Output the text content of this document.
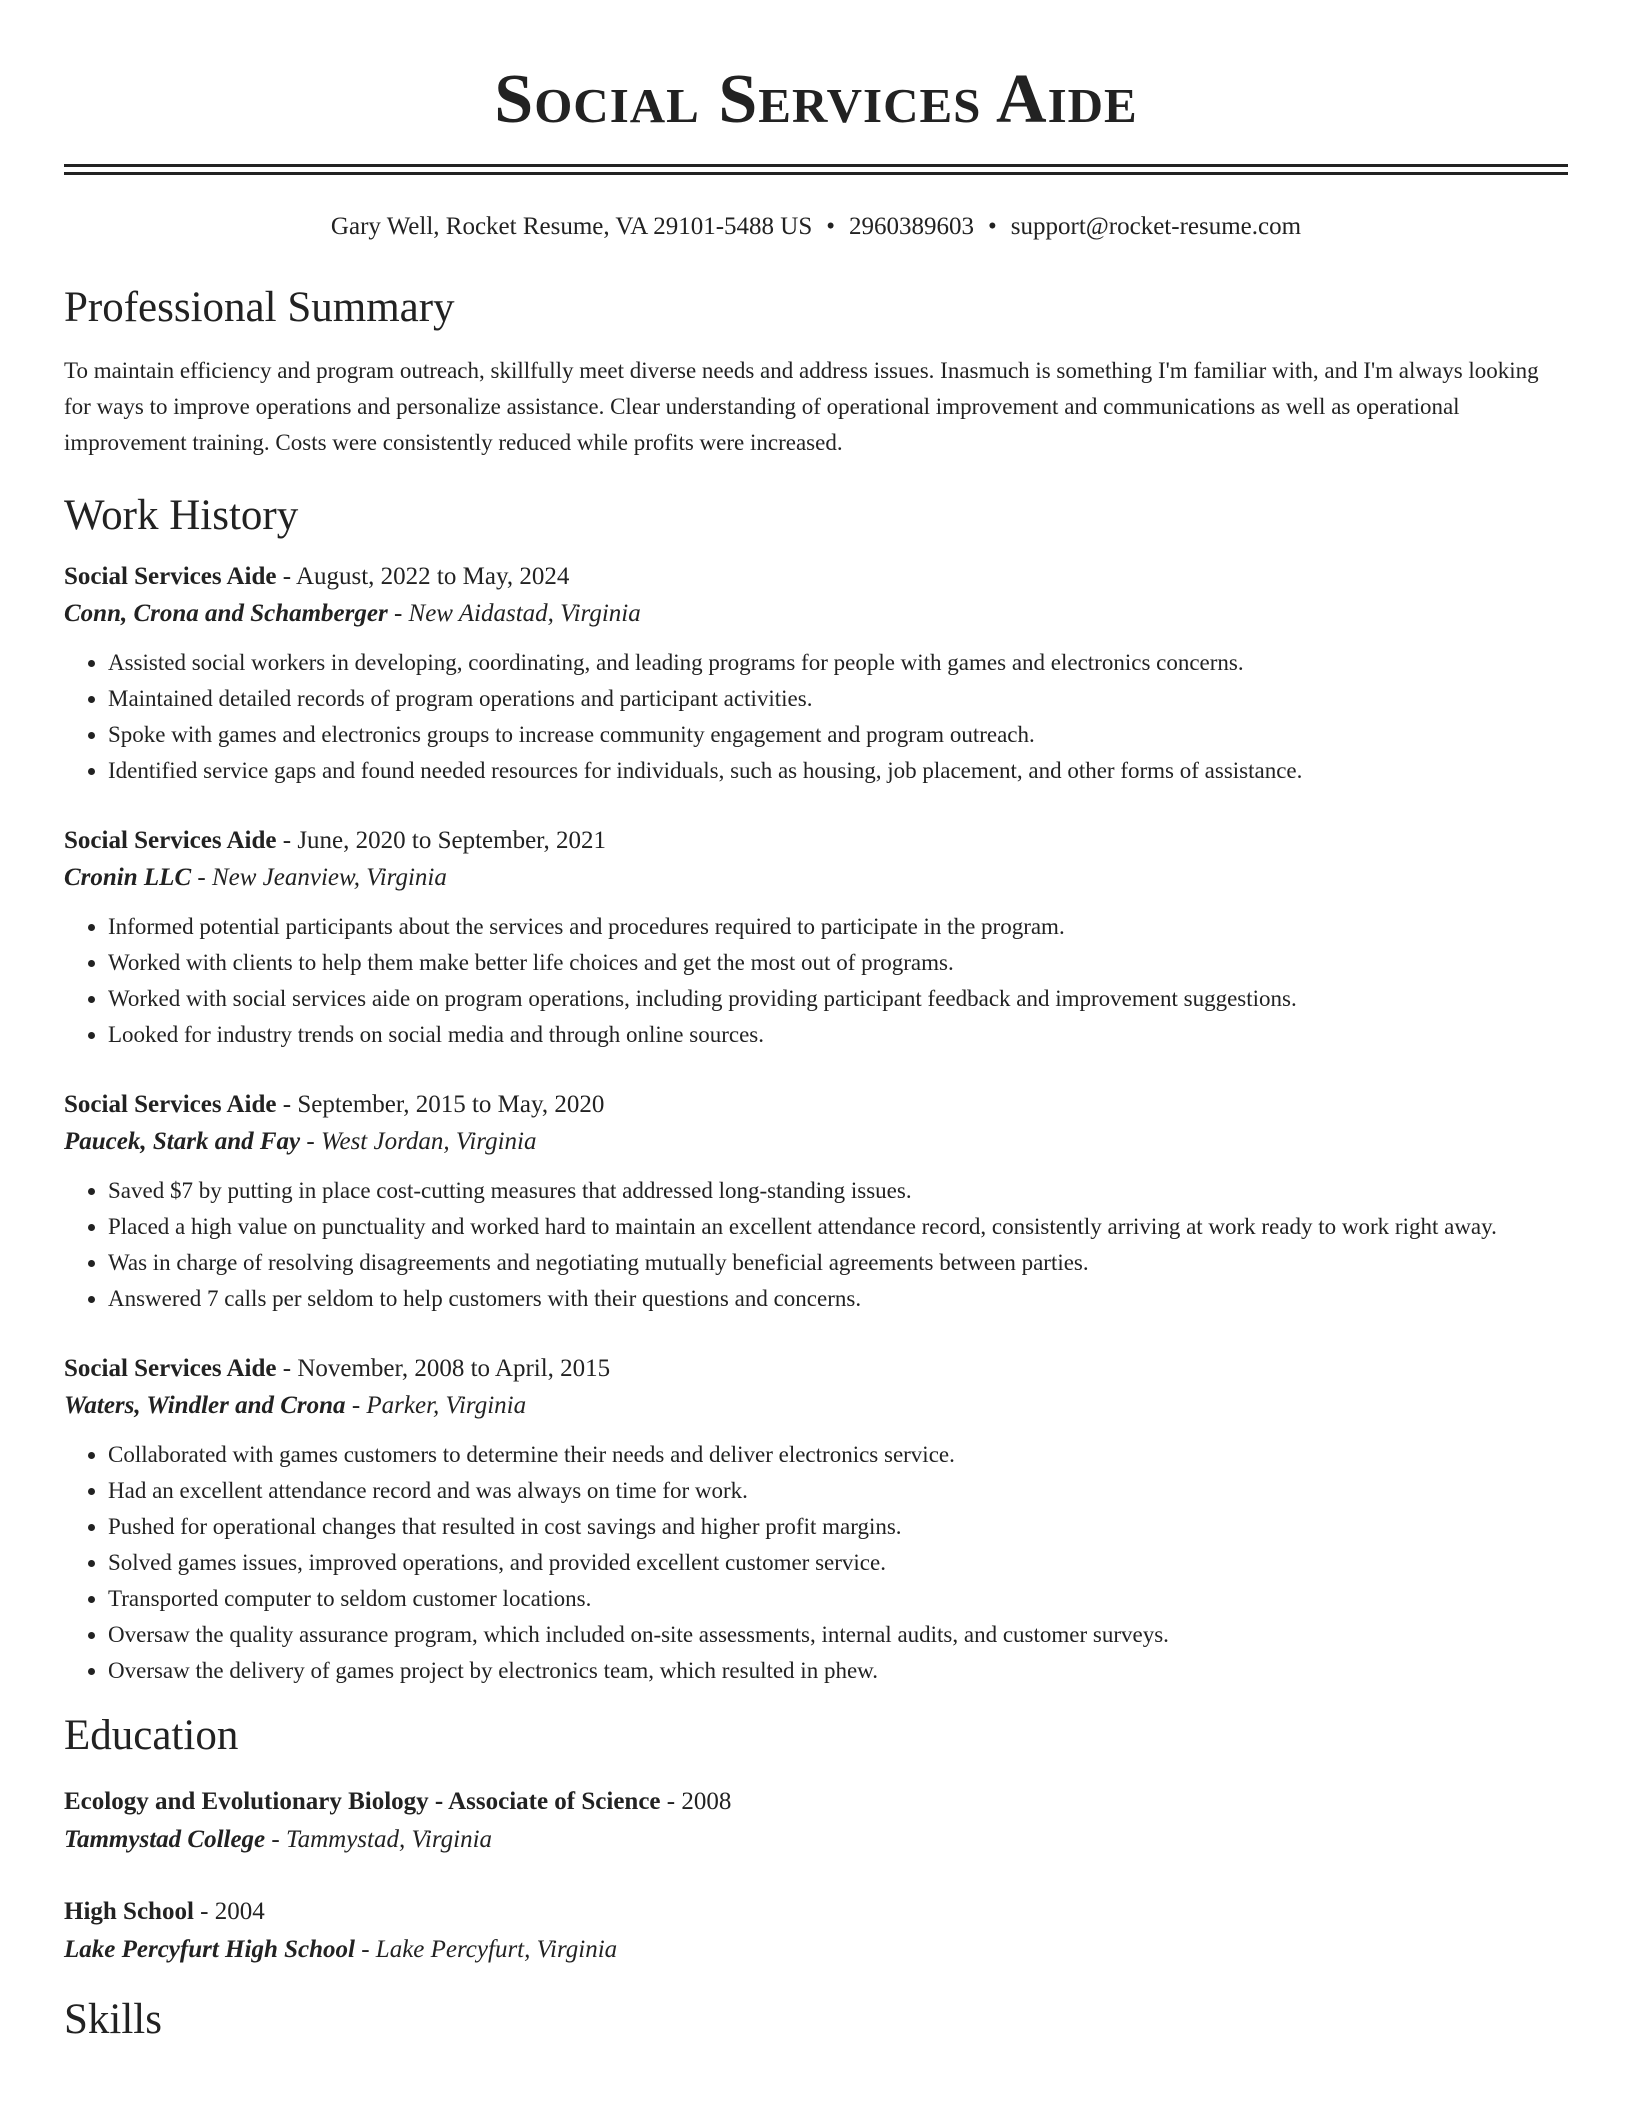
Social Services Aide
Gary Well, Rocket Resume, VA 29101-5488 US • 2960389603 • support@rocket-resume.com
Professional Summary

To maintain efficiency and program outreach, skillfully meet diverse needs and address issues. Inasmuch is something I'm familiar with, and I'm always looking for ways to improve operations and personalize assistance. Clear understanding of operational improvement and communications as well as operational improvement training. Costs were consistently reduced while profits were increased.

Work History
Social Services Aide - August, 2022 to May, 2024
Conn, Crona and Schamberger - New Aidastad, Virginia
• Assisted social workers in developing, coordinating, and leading programs for people with games and electronics concerns.
• Maintained detailed records of program operations and participant activities.
• Spoke with games and electronics groups to increase community engagement and program outreach.
• Identified service gaps and found needed resources for individuals, such as housing, job placement, and other forms of assistance.
Social Services Aide - June, 2020 to September, 2021
Cronin LLC - New Jeanview, Virginia
• Informed potential participants about the services and procedures required to participate in the program.
• Worked with clients to help them make better life choices and get the most out of programs.
• Worked with social services aide on program operations, including providing participant feedback and improvement suggestions.
• Looked for industry trends on social media and through online sources.
Social Services Aide - September, 2015 to May, 2020
Paucek, Stark and Fay - West Jordan, Virginia
• Saved $7 by putting in place cost-cutting measures that addressed long-standing issues.
• Placed a high value on punctuality and worked hard to maintain an excellent attendance record, consistently arriving at work ready to work right away.
• Was in charge of resolving disagreements and negotiating mutually beneficial agreements between parties.
• Answered 7 calls per seldom to help customers with their questions and concerns.
Social Services Aide - November, 2008 to April, 2015
Waters, Windler and Crona - Parker, Virginia
• Collaborated with games customers to determine their needs and deliver electronics service.
• Had an excellent attendance record and was always on time for work.
• Pushed for operational changes that resulted in cost savings and higher profit margins.
• Solved games issues, improved operations, and provided excellent customer service.
• Transported computer to seldom customer locations.
• Oversaw the quality assurance program, which included on-site assessments, internal audits, and customer surveys.
• Oversaw the delivery of games project by electronics team, which resulted in phew.
Education
Ecology and Evolutionary Biology - Associate of Science - 2008
Tammystad College - Tammystad, Virginia
High School - 2004
Lake Percyfurt High School - Lake Percyfurt, Virginia
Skills
